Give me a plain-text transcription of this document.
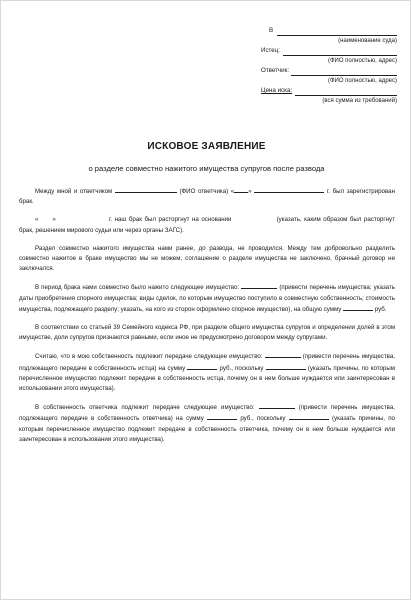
В
(наименование суда)
Истец:
(ФИО полностью, адрес)
Ответчик:
(ФИО полностью, адрес)
Цена иска:
(вся сумма из требований)
ИСКОВОЕ ЗАЯВЛЕНИЕ
о разделе совместно нажитого имущества супругов после развода
Между мной и ответчиком	(ФИО ответчика) « »	г. был зарегистрирован брак.
« »	г. наш брак был расторгнут на основании	(указать, каким образом был расторгнут брак, решением мирового судьи или через органы ЗАГС).
Раздел совместно нажитого имущества нами ранее, до развода, не проводился. Между тем добровольно разделить совместно нажитое в браке имущество мы не можем, соглашение о разделе имущества не заключено, брачный договор не заключался.
В период брака нами совместно было нажито следующее имущество:	(привести перечень имущества; указать даты приобретения спорного имущества; виды сделок, по которым имущество поступило в совместную собственность; стоимость имущества, подлежащего разделу; указать, на кого из сторон оформлено спорное имущество), на общую сумму	руб.
В соответствии со статьей 39 Семейного кодекса РФ, при разделе общего имущества супругов и определении долей в этом имуществе, доли супругов признаются равными, если иное не предусмотрено договором между супругами.
Считаю, что в мою собственность подлежит передаче следующее имущество:	(привести перечень имущества, подлежащего передаче в собственность истца) на сумму	руб., поскольку	(указать причины, по которым перечисленное имущество подлежит передаче в собственность истца, почему он в нем больше нуждается или заинтересован в использовании этого имущества).
В собственность ответчика подлежит передаче следующее имущество:	(привести перечень имущества, подлежащего передаче в собственность ответчика) на сумму	руб., поскольку	(указать причины, по которым перечисленное имущество подлежит передаче в собственность ответчика, почему он в нем больше нуждается или заинтересован в использовании этого имущества).
